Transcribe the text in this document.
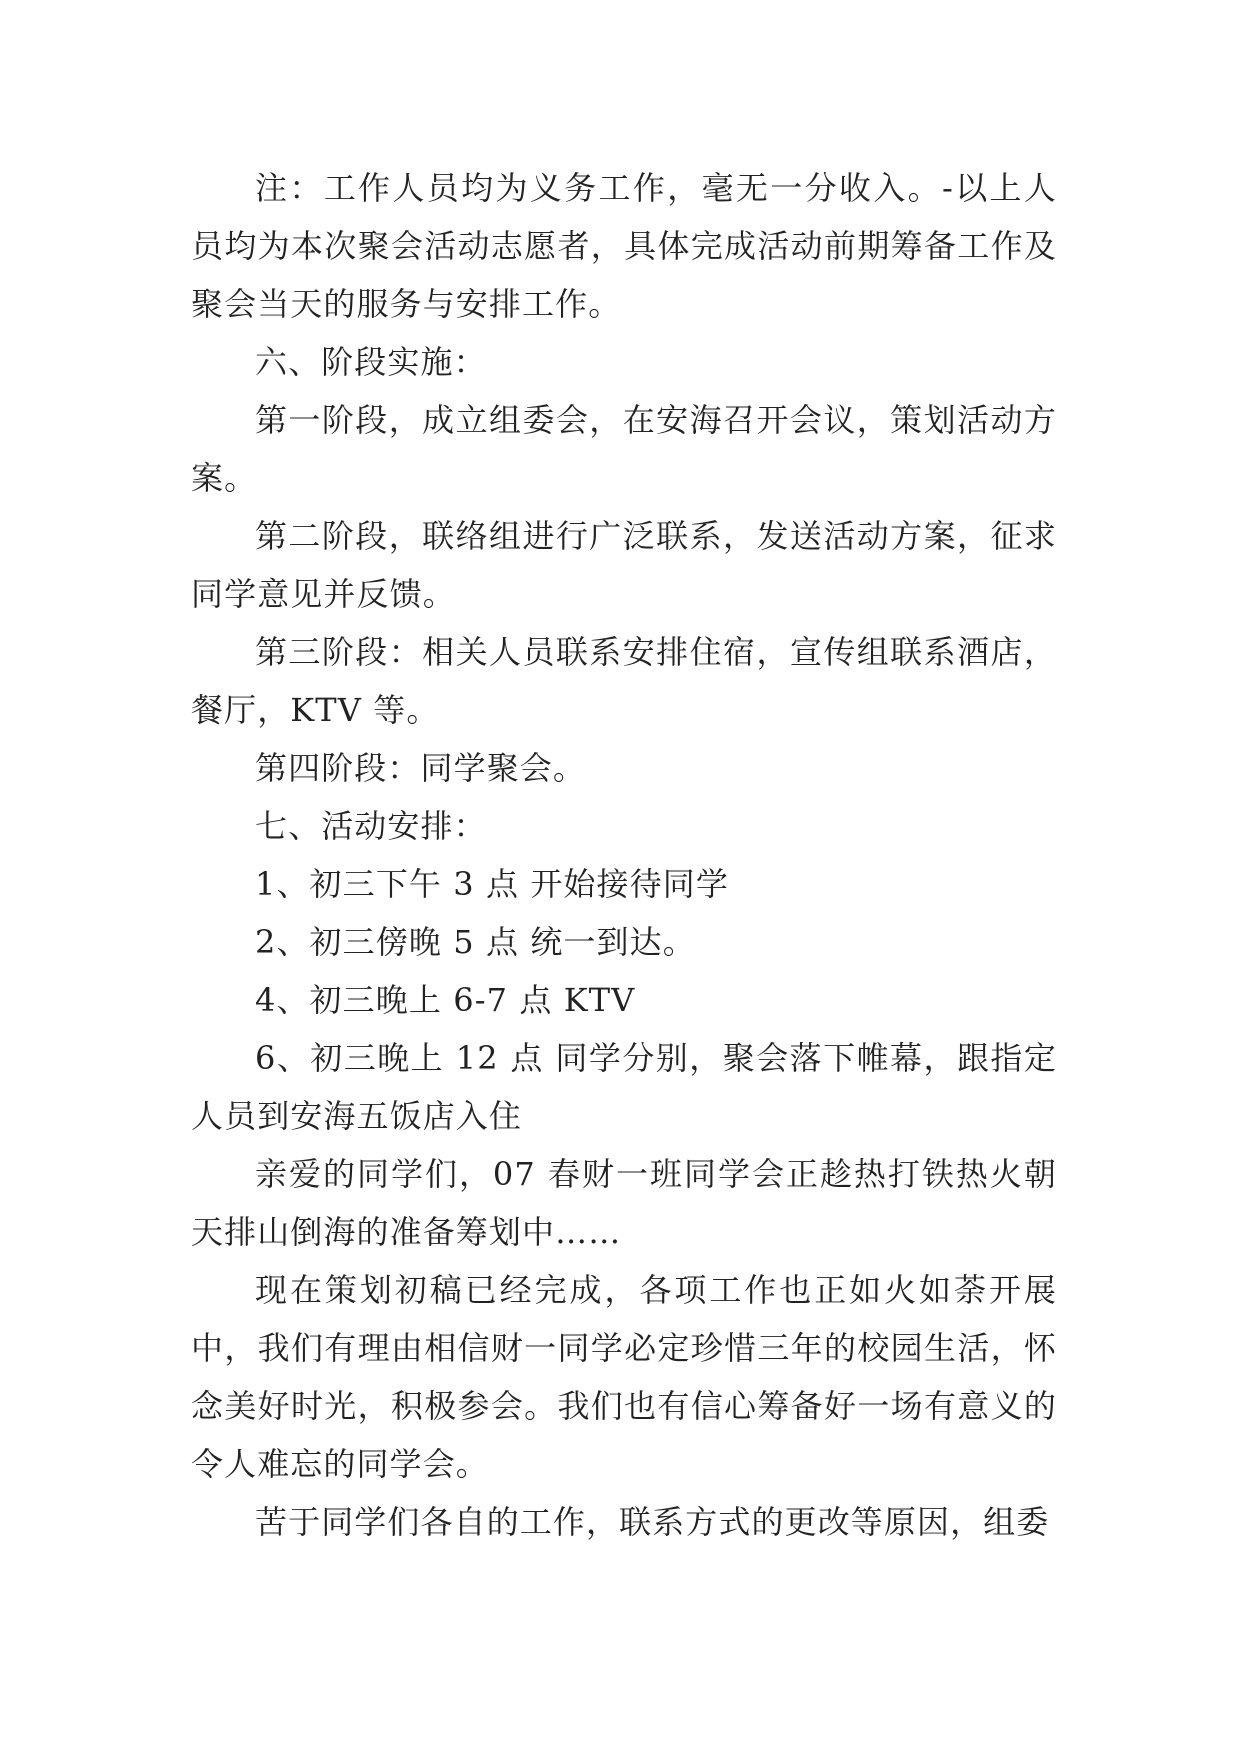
注：工作人员均为义务工作，毫无一分收入。-以上人员均为本次聚会活动志愿者，具体完成活动前期筹备工作及聚会当天的服务与安排工作。

六、阶段实施：

第一阶段，成立组委会，在安海召开会议，策划活动方案。

第二阶段，联络组进行广泛联系，发送活动方案，征求同学意见并反馈。

第三阶段：相关人员联系安排住宿，宣传组联系酒店，餐厅，KTV 等。

第四阶段：同学聚会。

七、活动安排：

1、初三下午 3 点 开始接待同学

2、初三傍晚 5 点 统一到达。

4、初三晚上 6-7 点 KTV

6、初三晚上 12 点 同学分别，聚会落下帷幕，跟指定人员到安海五饭店入住

亲爱的同学们，07 春财一班同学会正趁热打铁热火朝天排山倒海的准备筹划中……

现在策划初稿已经完成，各项工作也正如火如荼开展中，我们有理由相信财一同学必定珍惜三年的校园生活，怀念美好时光，积极参会。我们也有信心筹备好一场有意义的令人难忘的同学会。

苦于同学们各自的工作，联系方式的更改等原因，组委
